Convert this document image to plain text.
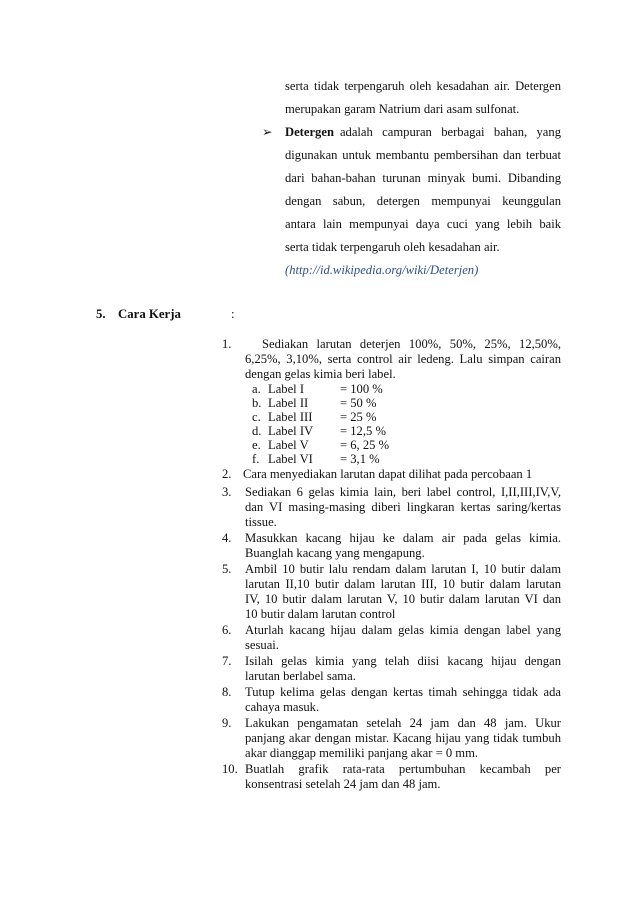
serta tidak terpengaruh oleh kesadahan air. Detergen
merupakan garam Natrium dari asam sulfonat.
➢ Detergen adalah campuran berbagai bahan, yang
digunakan untuk membantu pembersihan dan terbuat
dari bahan-bahan turunan minyak bumi. Dibanding
dengan sabun, detergen mempunyai keunggulan
antara lain mempunyai daya cuci yang lebih baik
serta tidak terpengaruh oleh kesadahan air.
(http://id.wikipedia.org/wiki/Deterjen)
5. Cara Kerja	:
1. Sediakan larutan deterjen 100%, 50%, 25%, 12,50%,
6,25%, 3,10%, serta control air ledeng. Lalu simpan cairan
dengan gelas kimia beri label.
a. Label I	= 100 %
b. Label II	= 50 %
c. Label III = 25 %
d. Label IV = 12,5 %
e. Label V = 6, 25 %
f. Label VI = 3,1 %
2. Cara menyediakan larutan dapat dilihat pada percobaan 1
3. Sediakan 6 gelas kimia lain, beri label control, I,II,III,IV,V,
dan VI masing-masing diberi lingkaran kertas saring/kertas
tissue.
4. Masukkan kacang hijau ke dalam air pada gelas kimia.
Buanglah kacang yang mengapung.
5. Ambil 10 butir lalu rendam dalam larutan I, 10 butir dalam
larutan II,10 butir dalam larutan III, 10 butir dalam larutan
IV, 10 butir dalam larutan V, 10 butir dalam larutan VI dan
10 butir dalam larutan control
6. Aturlah kacang hijau dalam gelas kimia dengan label yang
sesuai.
7. Isilah gelas kimia yang telah diisi kacang hijau dengan
larutan berlabel sama.
8. Tutup kelima gelas dengan kertas timah sehingga tidak ada
cahaya masuk.
9. Lakukan pengamatan setelah 24 jam dan 48 jam. Ukur
panjang akar dengan mistar. Kacang hijau yang tidak tumbuh
akar dianggap memiliki panjang akar = 0 mm.
10. Buatlah grafik rata-rata pertumbuhan kecambah per
konsentrasi setelah 24 jam dan 48 jam.
